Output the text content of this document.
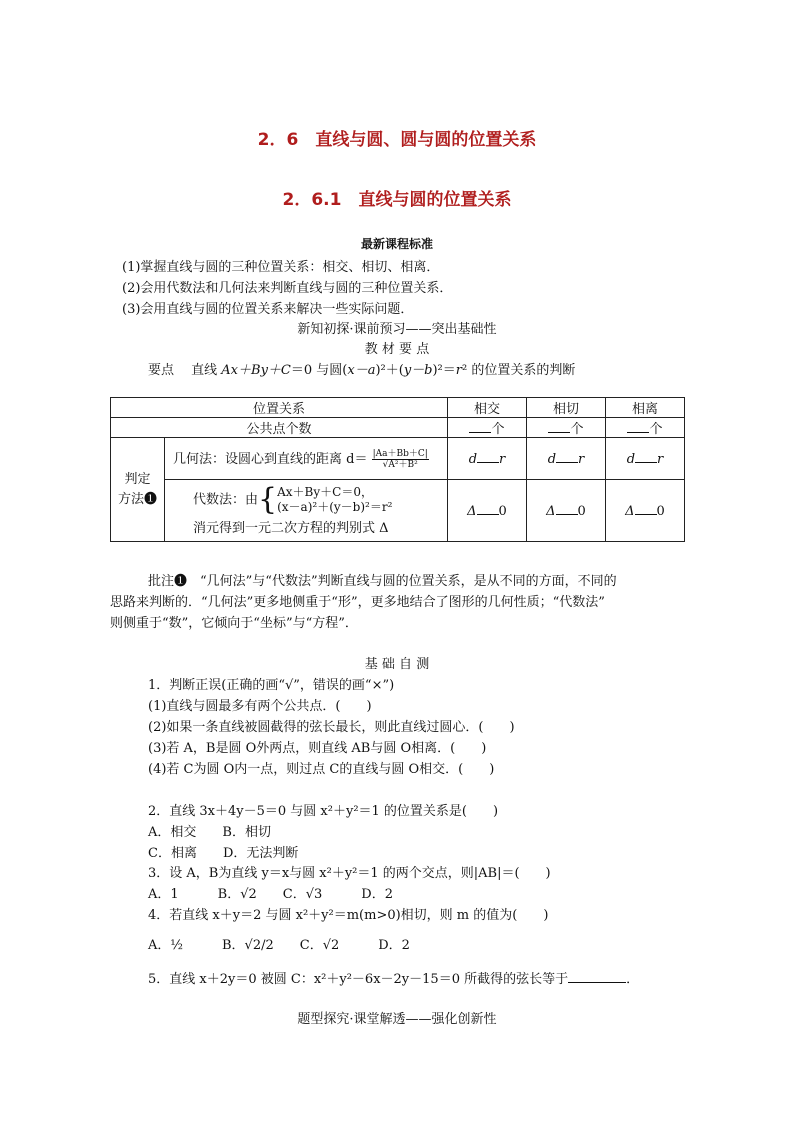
2．6　直线与圆、圆与圆的位置关系
2．6.1　直线与圆的位置关系
最新课程标准
(1)掌握直线与圆的三种位置关系：相交、相切、相离．
(2)会用代数法和几何法来判断直线与圆的三种位置关系．
(3)会用直线与圆的位置关系来解决一些实际问题．
新知初探·课前预习——突出基础性
教 材 要 点
要点　 直线 Ax＋By＋C＝0 与圆(x－a)²＋(y－b)²＝r² 的位置关系的判断
位置关系		相交	相切	相离
公共点个数		个	个	个
判定
方法❶	几何法：设圆心到直线的距离 $d= \frac{|Aa+Bb+C|}{\text{√A²＋B²}}$	d r	d r	d r

	代数法：由{Ax＋By＋C＝0，
(x－a)²＋(y－b)²＝r²
消元得到一元二次方程的判别式 Δ	Δ 0	Δ 0	Δ 0
批注❶　“几何法”与“代数法”判断直线与圆的位置关系，是从不同的方面，不同的
思路来判断的．“几何法”更多地侧重于“形”，更多地结合了图形的几何性质；“代数法”
则侧重于“数”，它倾向于“坐标”与“方程”．
基 础 自 测
1．判断正误(正确的画“√”，错误的画“×”)
(1)直线与圆最多有两个公共点．(　　)
(2)如果一条直线被圆截得的弦长最长，则此直线过圆心．(　　)
(3)若 A，B是圆 O外两点，则直线 AB与圆 O相离．(　　)
(4)若 C为圆 O内一点，则过点 C的直线与圆 O相交．(　　)
2．直线 3x＋4y－5＝0 与圆 x²＋y²＝1 的位置关系是(　　)
A．相交　　B．相切
C．相离　　D．无法判断
3．设 A，B为直线 y＝x与圆 x²＋y²＝1 的两个交点，则|AB|＝(　　)
A．1　　　B．√2　　C．√3　　　D．2
4．若直线 x＋y＝2 与圆 x²＋y²＝m(m>0)相切，则 m 的值为(　　)
A．½　　　B．√2/2　　C．√2　　　D．2
5．直线 x＋2y＝0 被圆 C：x²＋y²－6x－2y－15＝0 所截得的弦长等于	．
题型探究·课堂解透——强化创新性
